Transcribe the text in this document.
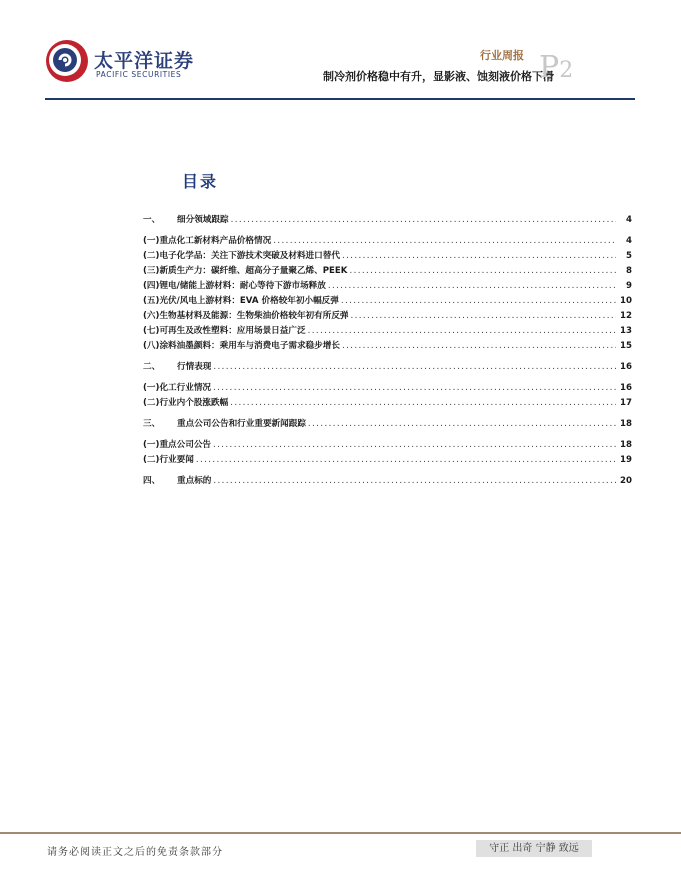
太平洋证券
PACIFIC SECURITIES
行业周报
制冷剂价格稳中有升，显影液、蚀刻液价格下滑
P2
目录
一、	细分领域跟踪 .....	4
(一) 重点化工新材料产品价格情况 .....	4
(二) 电子化学品：关注下游技术突破及材料进口替代 .....	5
(三) 新质生产力：碳纤维、超高分子量聚乙烯、PEEK .....	8
(四) 锂电/储能上游材料：耐心等待下游市场释放 .....	9
(五) 光伏/风电上游材料：EVA 价格较年初小幅反弹 .....	10
(六) 生物基材料及能源：生物柴油价格较年初有所反弹 .....	12
(七) 可再生及改性塑料：应用场景日益广泛 .....	13
(八) 涂料油墨颜料：乘用车与消费电子需求稳步增长 .....	15
二、	行情表现 .....	16
(一) 化工行业情况 .....	16
(二) 行业内个股涨跌幅 .....	17
三、	重点公司公告和行业重要新闻跟踪 .....	18
(一) 重点公司公告 .....	18
(二) 行业要闻 .....	19
四、	重点标的 .....	20
请务必阅读正文之后的免责条款部分	守正 出奇 宁静 致远
